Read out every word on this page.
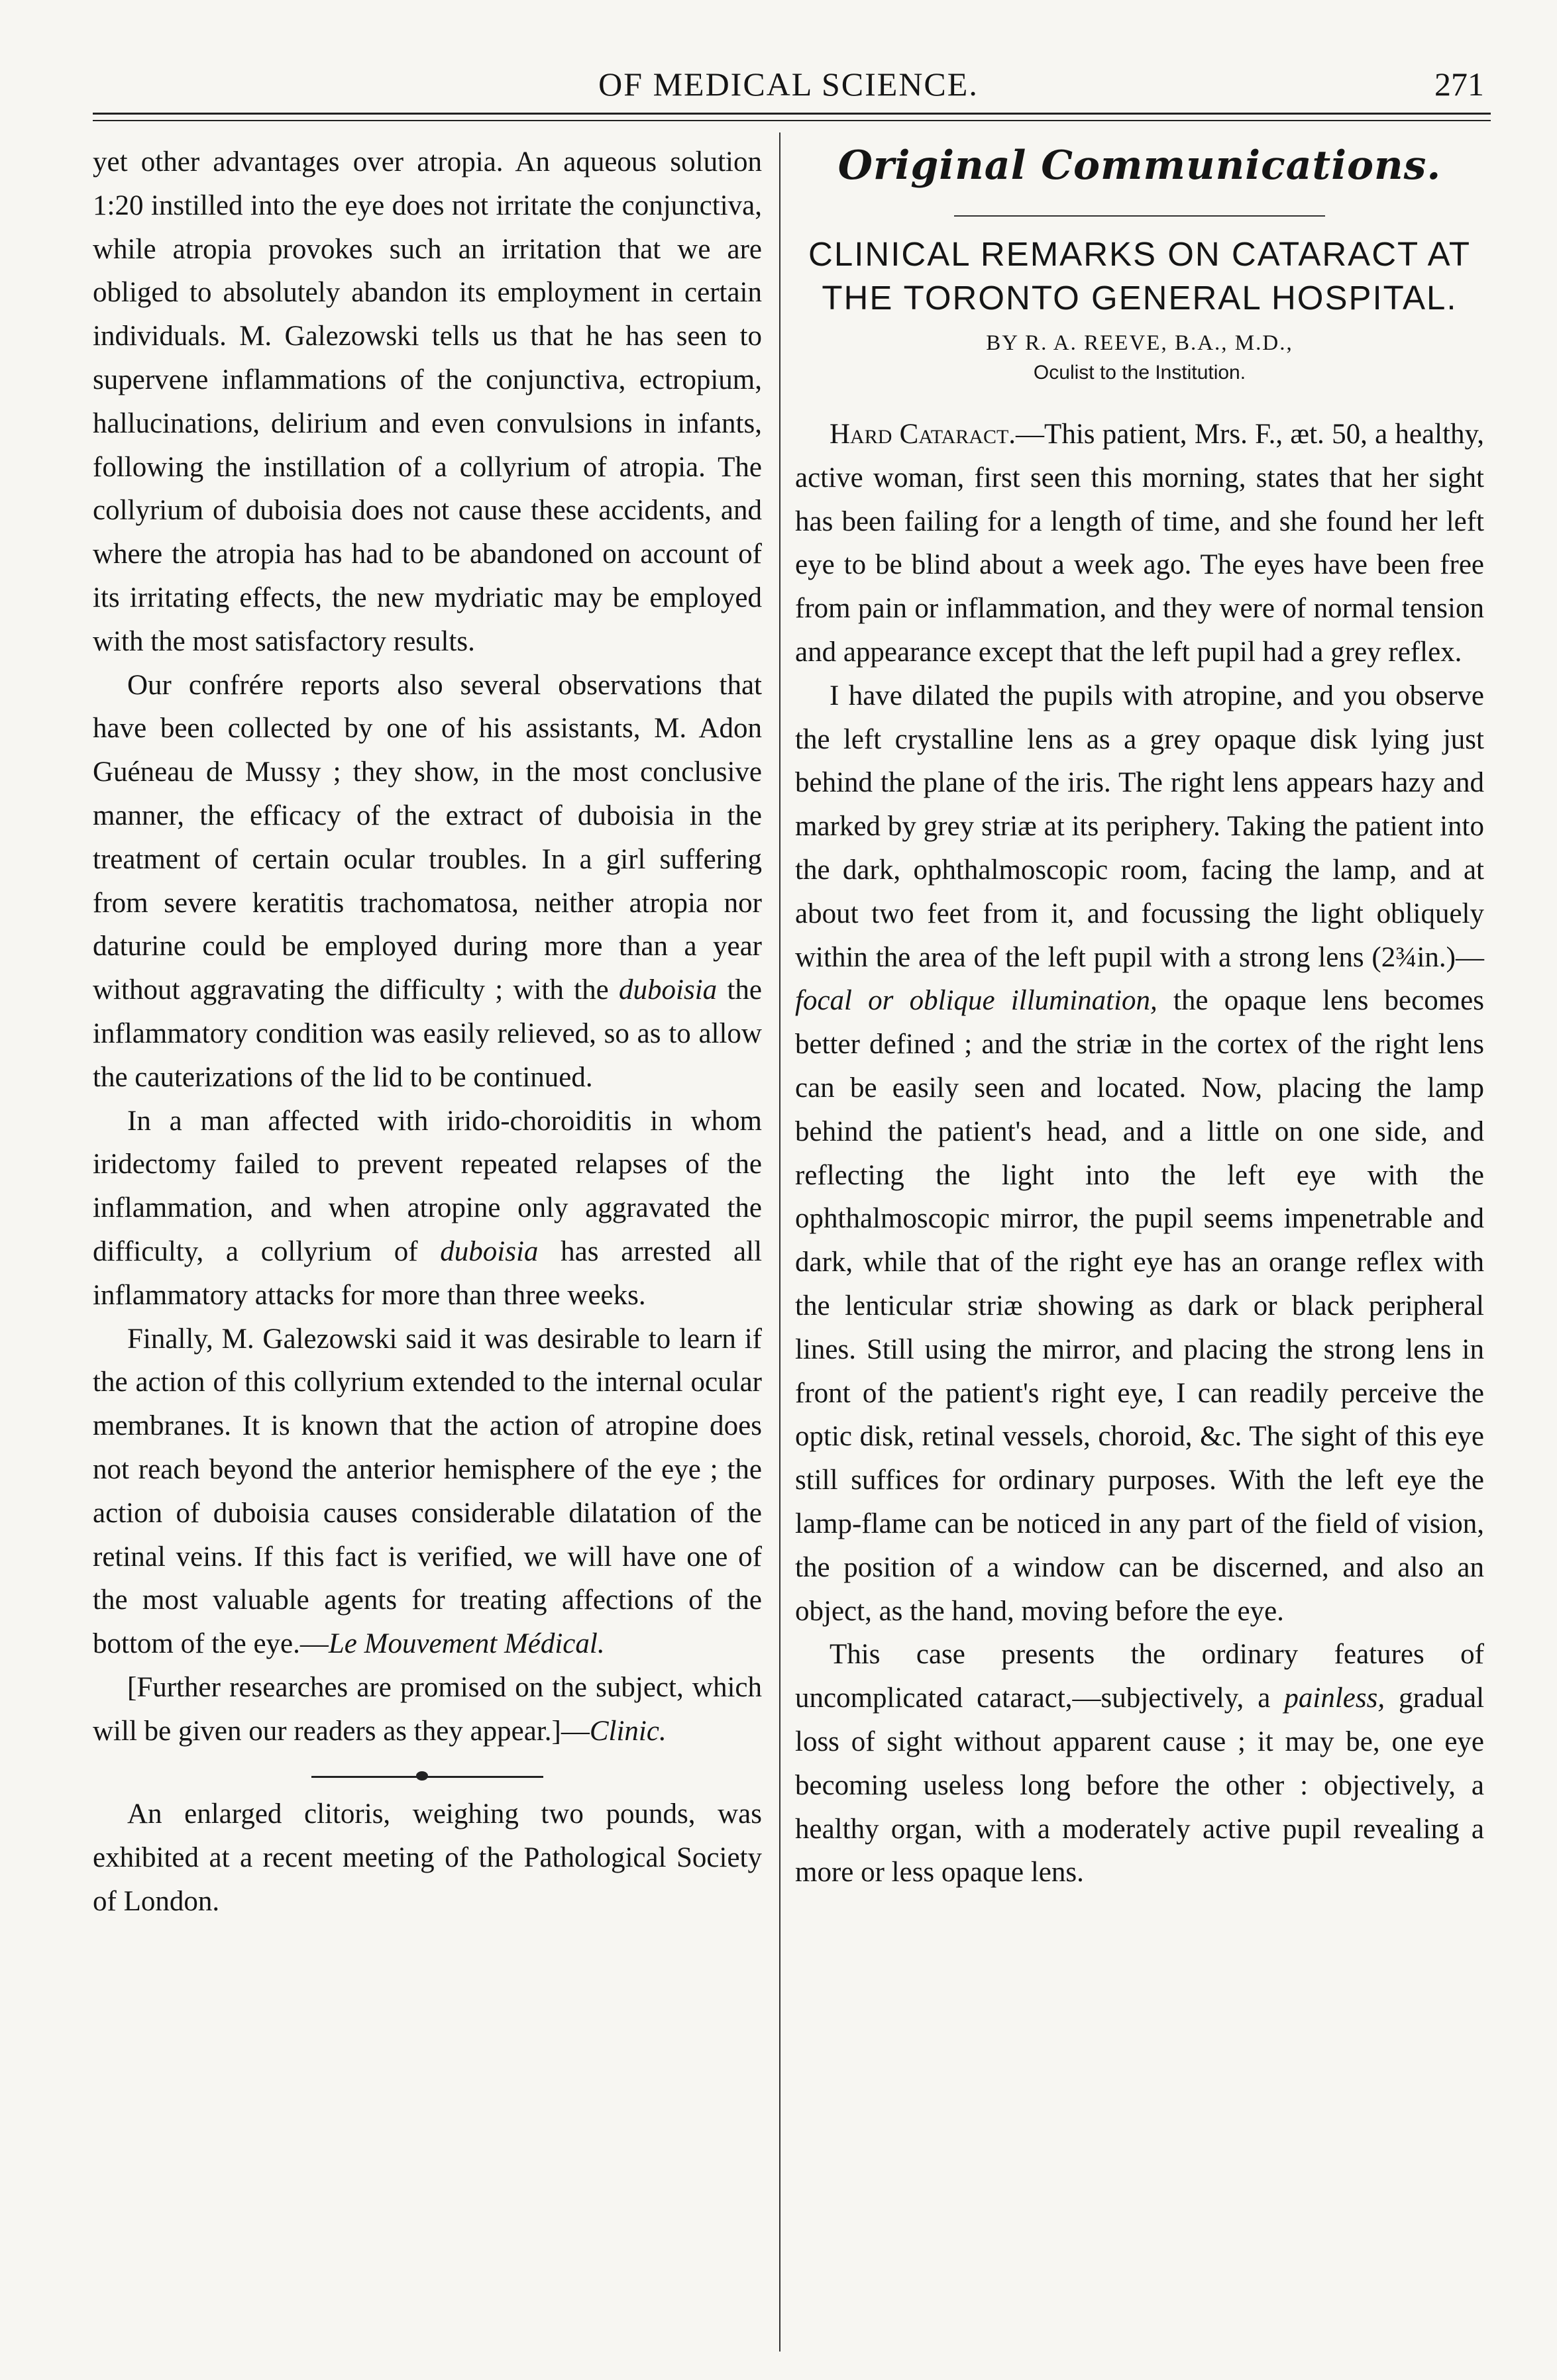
OF MEDICAL SCIENCE.	271

yet other advantages over atropia. An aqueous solution 1:20 instilled into the eye does not irritate the conjunctiva, while atropia provokes such an irritation that we are obliged to absolutely abandon its employment in certain individuals. M. Galezowski tells us that he has seen to supervene inflammations of the conjunctiva, ectropium, hallucinations, delirium and even convulsions in infants, following the instillation of a collyrium of atropia. The collyrium of duboisia does not cause these accidents, and where the atropia has had to be abandoned on account of its irritating effects, the new mydriatic may be employed with the most satisfactory results.

Our confrére reports also several observations that have been collected by one of his assistants, M. Adon Guéneau de Mussy ; they show, in the most conclusive manner, the efficacy of the extract of duboisia in the treatment of certain ocular troubles. In a girl suffering from severe keratitis trachomatosa, neither atropia nor daturine could be employed during more than a year without aggravating the difficulty ; with the duboisia the inflammatory condition was easily relieved, so as to allow the cauterizations of the lid to be continued.

In a man affected with irido-choroiditis in whom iridectomy failed to prevent repeated relapses of the inflammation, and when atropine only aggravated the difficulty, a collyrium of duboisia has arrested all inflammatory attacks for more than three weeks.

Finally, M. Galezowski said it was desirable to learn if the action of this collyrium extended to the internal ocular membranes. It is known that the action of atropine does not reach beyond the anterior hemisphere of the eye ; the action of duboisia causes considerable dilatation of the retinal veins. If this fact is verified, we will have one of the most valuable agents for treating affections of the bottom of the eye.—Le Mouvement Médical.

[Further researches are promised on the subject, which will be given our readers as they appear.]—Clinic.

An enlarged clitoris, weighing two pounds, was exhibited at a recent meeting of the Pathological Society of London.

Original Communications.
CLINICAL REMARKS ON CATARACT AT THE TORONTO GENERAL HOSPITAL.
BY R. A. REEVE, B.A., M.D.,
Oculist to the Institution.

Hard Cataract.—This patient, Mrs. F., æt. 50, a healthy, active woman, first seen this morning, states that her sight has been failing for a length of time, and she found her left eye to be blind about a week ago. The eyes have been free from pain or inflammation, and they were of normal tension and appearance except that the left pupil had a grey reflex.

I have dilated the pupils with atropine, and you observe the left crystalline lens as a grey opaque disk lying just behind the plane of the iris. The right lens appears hazy and marked by grey striæ at its periphery. Taking the patient into the dark, ophthalmoscopic room, facing the lamp, and at about two feet from it, and focussing the light obliquely within the area of the left pupil with a strong lens (2¾in.)—focal or oblique illumination, the opaque lens becomes better defined ; and the striæ in the cortex of the right lens can be easily seen and located. Now, placing the lamp behind the patient's head, and a little on one side, and reflecting the light into the left eye with the ophthalmoscopic mirror, the pupil seems impenetrable and dark, while that of the right eye has an orange reflex with the lenticular striæ showing as dark or black peripheral lines. Still using the mirror, and placing the strong lens in front of the patient's right eye, I can readily perceive the optic disk, retinal vessels, choroid, &c. The sight of this eye still suffices for ordinary purposes. With the left eye the lamp-flame can be noticed in any part of the field of vision, the position of a window can be discerned, and also an object, as the hand, moving before the eye.

This case presents the ordinary features of uncomplicated cataract,—subjectively, a painless, gradual loss of sight without apparent cause ; it may be, one eye becoming useless long before the other : objectively, a healthy organ, with a moderately active pupil revealing a more or less opaque lens.
